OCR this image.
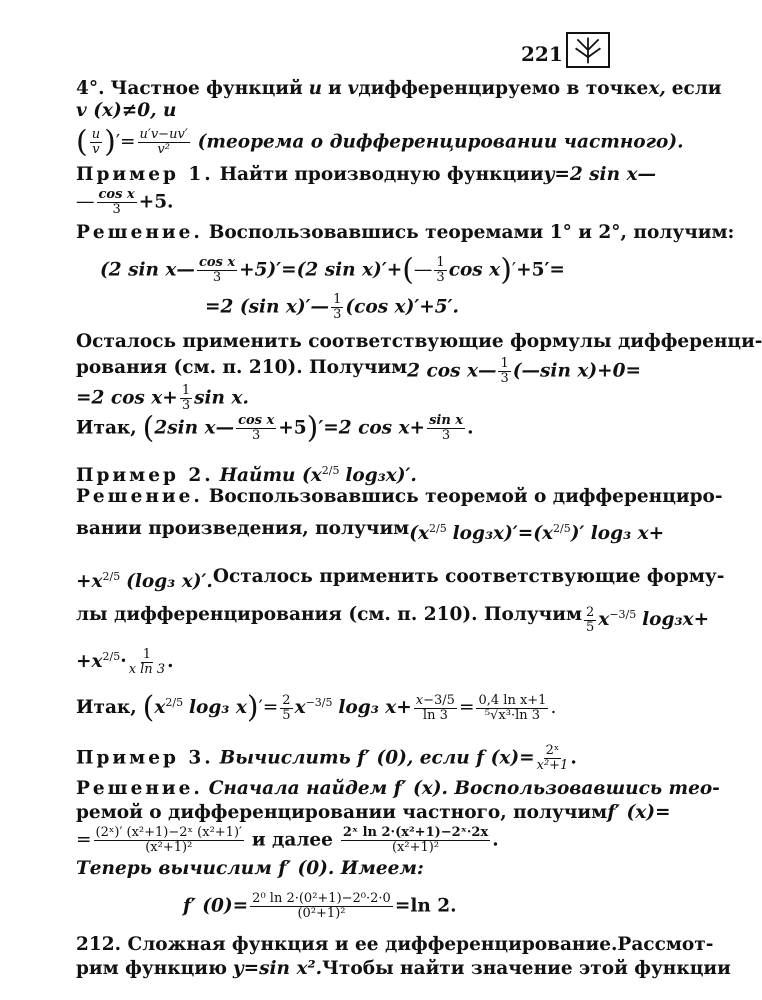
221
4°. Частное функций u и v дифференцируемо в точке x, если
v (x)≠0, и
( $\frac{u}{v}$ )′= $\frac{u'v-uv'}{\text{v²}}$ (теорема о дифференцировании частного).
Пример 1. Найти производную функции y=2 sin x—
— $\frac{\text{cos x}}{3} +5$.
Решение. Воспользовавшись теоремами 1° и 2°, получим:
(2 sin x— $\frac{\text{cos x}}{3} +5)'=(2$ sin x)′+(— $\frac{1}{3}$ cos x)′+5′=
=2 (sin x)′— $\frac{1}{3} (\cos$ x)′+5′.
Осталось применить соответствующие формулы дифференци-
рования (см. п. 210). Получим 2 cos x— $\frac{1}{3}$ (—sin x)+0=
=2 $\cos x+ \frac{1}{3}$ sin x.
Итак, (2sin x— $\frac{\text{cos x}}{3} +5)'=2$ $\cos x+ \frac{\text{sin x}}{3}$ .
Пример 2. Найти ($x^{2/5}$ log₃x)′.
Решение. Воспользовавшись теоремой о дифференциро-
вании произведения, получим ($x^{2/5}$ $\log_3x)'=(x^{2/5})'$ log₃ x+
$+x^{2/5}$ (log₃ x)′. Осталось применить соответствующие форму-
лы дифференцирования (см. п. 210). Получим $\frac{2}{5} x^{-3/5}$ log₃x+
$+x^{2/5}\cdot \frac{1}{\text{x ln 3}}$ .
Итак, ($x^{2/5}$ log₃ $x)'= \frac{2}{5} x^{-3/5}$ log₃ $x+ \frac{x-3/5}{\ln 3} = \frac{\text{0,4 ln x+1}}{\text{⁵√x³·ln 3}}$ .
Пример 3. Вычислить f′ (0), если f $(x)= \frac{\text{2ˣ}}{\text{x²+1}}$ .
Решение. Сначала найдем f′ (x). Воспользовавшись тео-
ремой о дифференцировании частного, получим f′ (x)=
= $\frac{\text{(2ˣ)′ (x²+1)−2ˣ (x²+1)′}}{\text{(x²+1)²}}$ и далее $\frac{\text{2ˣ ln 2·(x²+1)−2ˣ·2x}}{\text{(x²+1)²}}$ .
Теперь вычислим f′ (0). Имеем:
f′ $(0)= \frac{\text{2⁰ ln 2·(0²+1)−2⁰·2·0}}{\text{(0²+1)²}} =\ln$ 2.
212. Сложная функция и ее дифференцирование. Рассмот-
рим функцию y=sin x². Чтобы найти значение этой функции
